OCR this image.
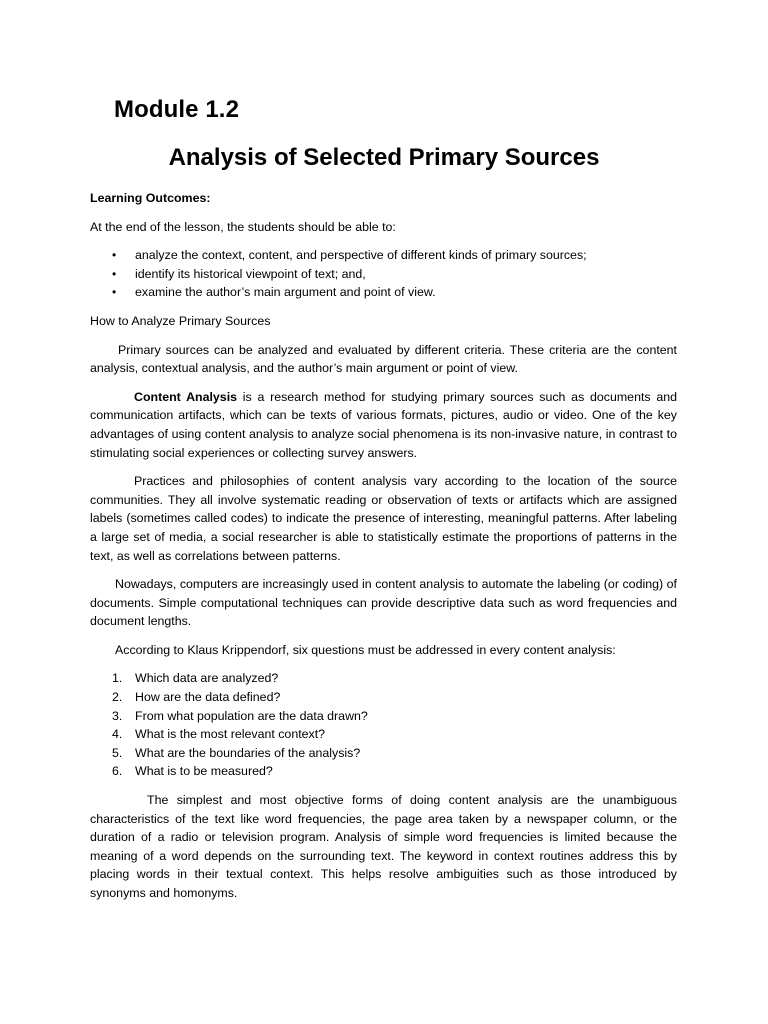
Module 1.2
Analysis of Selected Primary Sources

Learning Outcomes:

At the end of the lesson, the students should be able to:

• analyze the context, content, and perspective of different kinds of primary sources;
• identify its historical viewpoint of text; and,
• examine the author’s main argument and point of view.

How to Analyze Primary Sources

Primary sources can be analyzed and evaluated by different criteria. These criteria are the content analysis, contextual analysis, and the author’s main argument or point of view.

Content Analysis is a research method for studying primary sources such as documents and communication artifacts, which can be texts of various formats, pictures, audio or video. One of the key advantages of using content analysis to analyze social phenomena is its non-invasive nature, in contrast to stimulating social experiences or collecting survey answers.

Practices and philosophies of content analysis vary according to the location of the source communities. They all involve systematic reading or observation of texts or artifacts which are assigned labels (sometimes called codes) to indicate the presence of interesting, meaningful patterns. After labeling a large set of media, a social researcher is able to statistically estimate the proportions of patterns in the text, as well as correlations between patterns.

Nowadays, computers are increasingly used in content analysis to automate the labeling (or coding) of documents. Simple computational techniques can provide descriptive data such as word frequencies and document lengths.

According to Klaus Krippendorf, six questions must be addressed in every content analysis:

1. Which data are analyzed?
2. How are the data defined?
3. From what population are the data drawn?
4. What is the most relevant context?
5. What are the boundaries of the analysis?
6. What is to be measured?

The simplest and most objective forms of doing content analysis are the unambiguous characteristics of the text like word frequencies, the page area taken by a newspaper column, or the duration of a radio or television program. Analysis of simple word frequencies is limited because the meaning of a word depends on the surrounding text. The keyword in context routines address this by placing words in their textual context. This helps resolve ambiguities such as those introduced by synonyms and homonyms.
